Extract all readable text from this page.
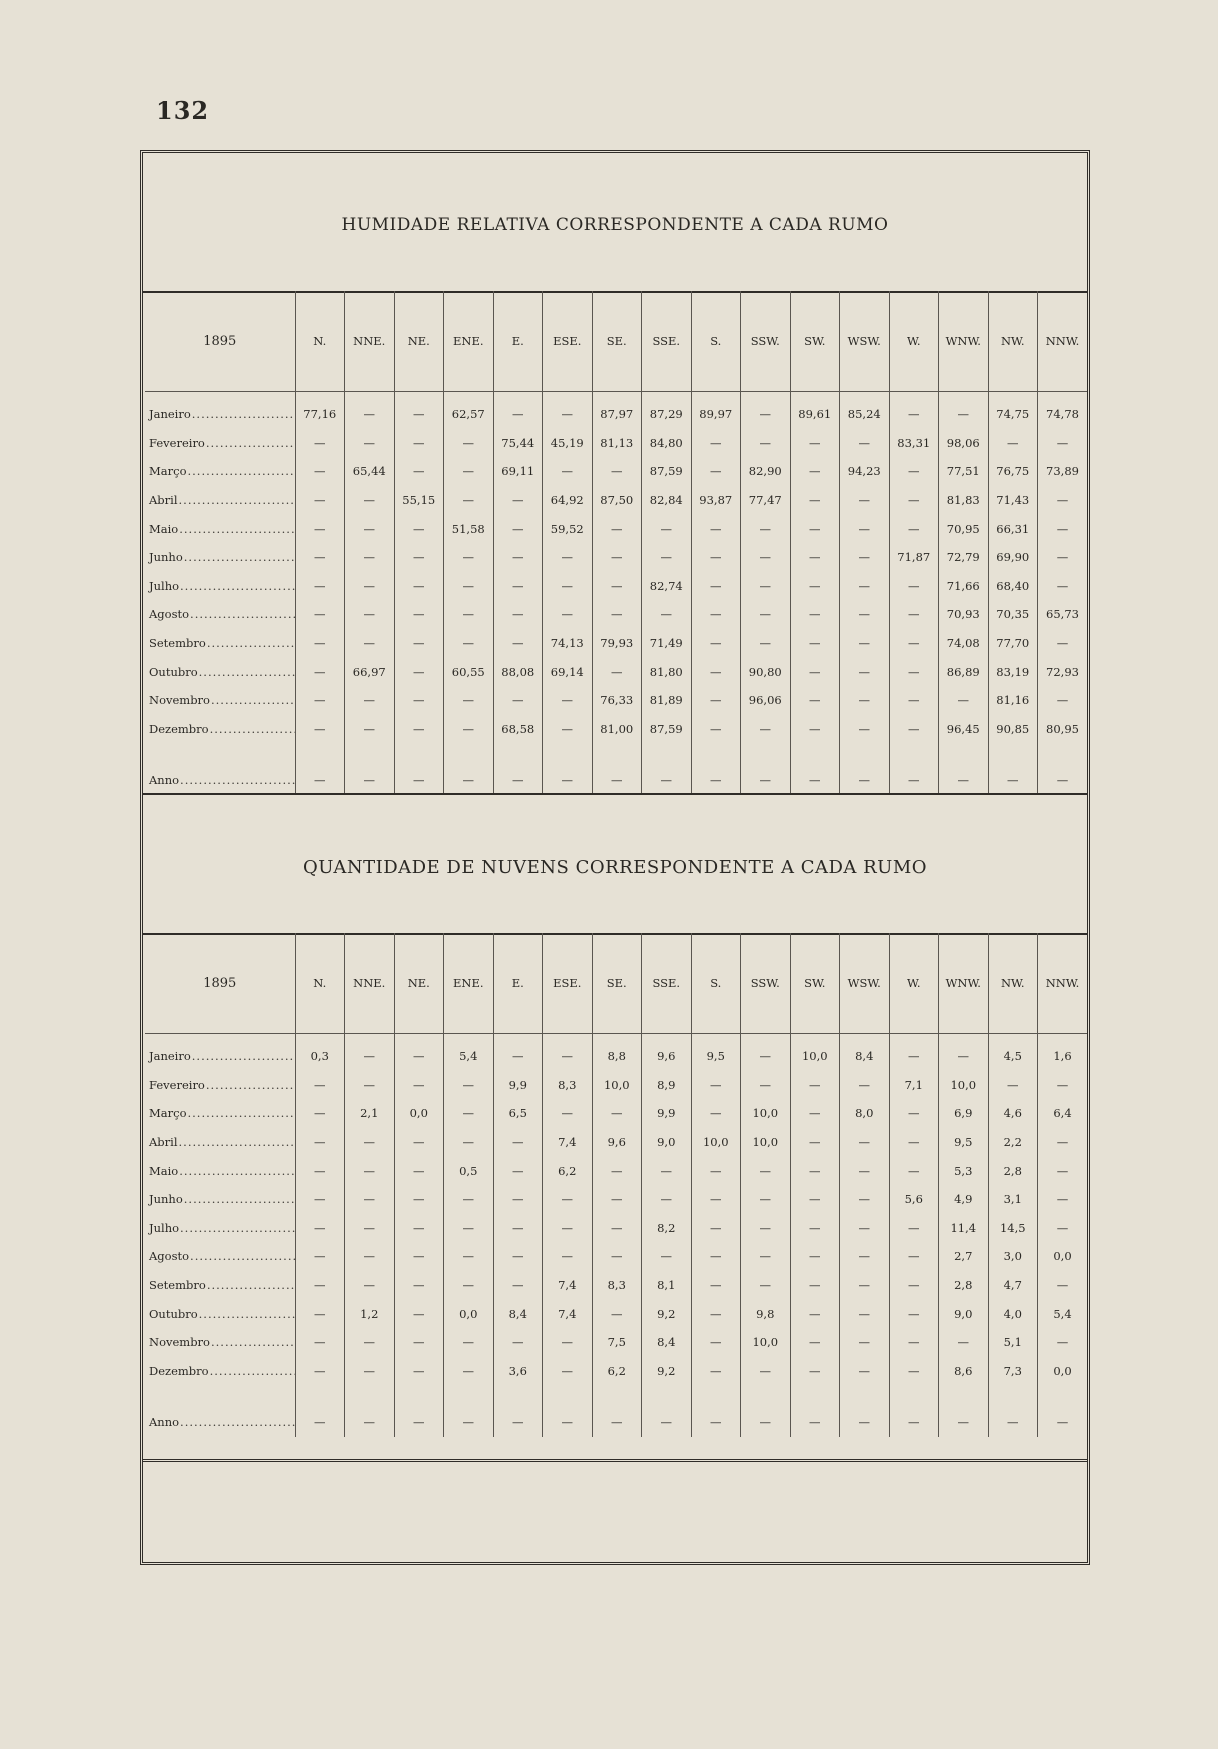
132
HUMIDADE RELATIVA CORRESPONDENTE A CADA RUMO
1895	N.	NNE.	NE.	ENE.	E.	ESE.	SE.	SSE.	S.	SSW.	SW.	WSW.	W.	WNW.	NW.	NNW.
Janeiro .....	77,16	—	—	62,57	—	—	87,97	87,29	89,97	—	89,61	85,24	—	—	74,75	74,78
Fevereiro .....	—	—	—	—	75,44	45,19	81,13	84,80	—	—	—	—	83,31	98,06	—	—
Março .....	—	65,44	—	—	69,11	—	—	87,59	—	82,90	—	94,23	—	77,51	76,75	73,89
Abril .....	—	—	55,15	—	—	64,92	87,50	82,84	93,87	77,47	—	—	—	81,83	71,43	—
Maio .....	—	—	—	51,58	—	59,52	—	—	—	—	—	—	—	70,95	66,31	—
Junho .....	—	—	—	—	—	—	—	—	—	—	—	—	71,87	72,79	69,90	—
Julho .....	—	—	—	—	—	—	—	82,74	—	—	—	—	—	71,66	68,40	—
Agosto .....	—	—	—	—	—	—	—	—	—	—	—	—	—	70,93	70,35	65,73
Setembro .....	—	—	—	—	—	74,13	79,93	71,49	—	—	—	—	—	74,08	77,70	—
Outubro .....	—	66,97	—	60,55	88,08	69,14	—	81,80	—	90,80	—	—	—	86,89	83,19	72,93
Novembro .....	—	—	—	—	—	—	76,33	81,89	—	96,06	—	—	—	—	81,16	—
Dezembro .....	—	—	—	—	68,58	—	81,00	87,59	—	—	—	—	—	96,45	90,85	80,95
Anno .....	—	—	—	—	—	—	—	—	—	—	—	—	—	—	—	—
QUANTIDADE DE NUVENS CORRESPONDENTE A CADA RUMO
1895	N.	NNE.	NE.	ENE.	E.	ESE.	SE.	SSE.	S.	SSW.	SW.	WSW.	W.	WNW.	NW.	NNW.
Janeiro .....	0,3	—	—	5,4	—	—	8,8	9,6	9,5	—	10,0	8,4	—	—	4,5	1,6
Fevereiro .....	—	—	—	—	9,9	8,3	10,0	8,9	—	—	—	—	7,1	10,0	—	—
Março .....	—	2,1	0,0	—	6,5	—	—	9,9	—	10,0	—	8,0	—	6,9	4,6	6,4
Abril .....	—	—	—	—	—	7,4	9,6	9,0	10,0	10,0	—	—	—	9,5	2,2	—
Maio .....	—	—	—	0,5	—	6,2	—	—	—	—	—	—	—	5,3	2,8	—
Junho .....	—	—	—	—	—	—	—	—	—	—	—	—	5,6	4,9	3,1	—
Julho .....	—	—	—	—	—	—	—	8,2	—	—	—	—	—	11,4	14,5	—
Agosto .....	—	—	—	—	—	—	—	—	—	—	—	—	—	2,7	3,0	0,0
Setembro .....	—	—	—	—	—	7,4	8,3	8,1	—	—	—	—	—	2,8	4,7	—
Outubro .....	—	1,2	—	0,0	8,4	7,4	—	9,2	—	9,8	—	—	—	9,0	4,0	5,4
Novembro .....	—	—	—	—	—	—	7,5	8,4	—	10,0	—	—	—	—	5,1	—
Dezembro .....	—	—	—	—	3,6	—	6,2	9,2	—	—	—	—	—	8,6	7,3	0,0
Anno .....	—	—	—	—	—	—	—	—	—	—	—	—	—	—	—	—
